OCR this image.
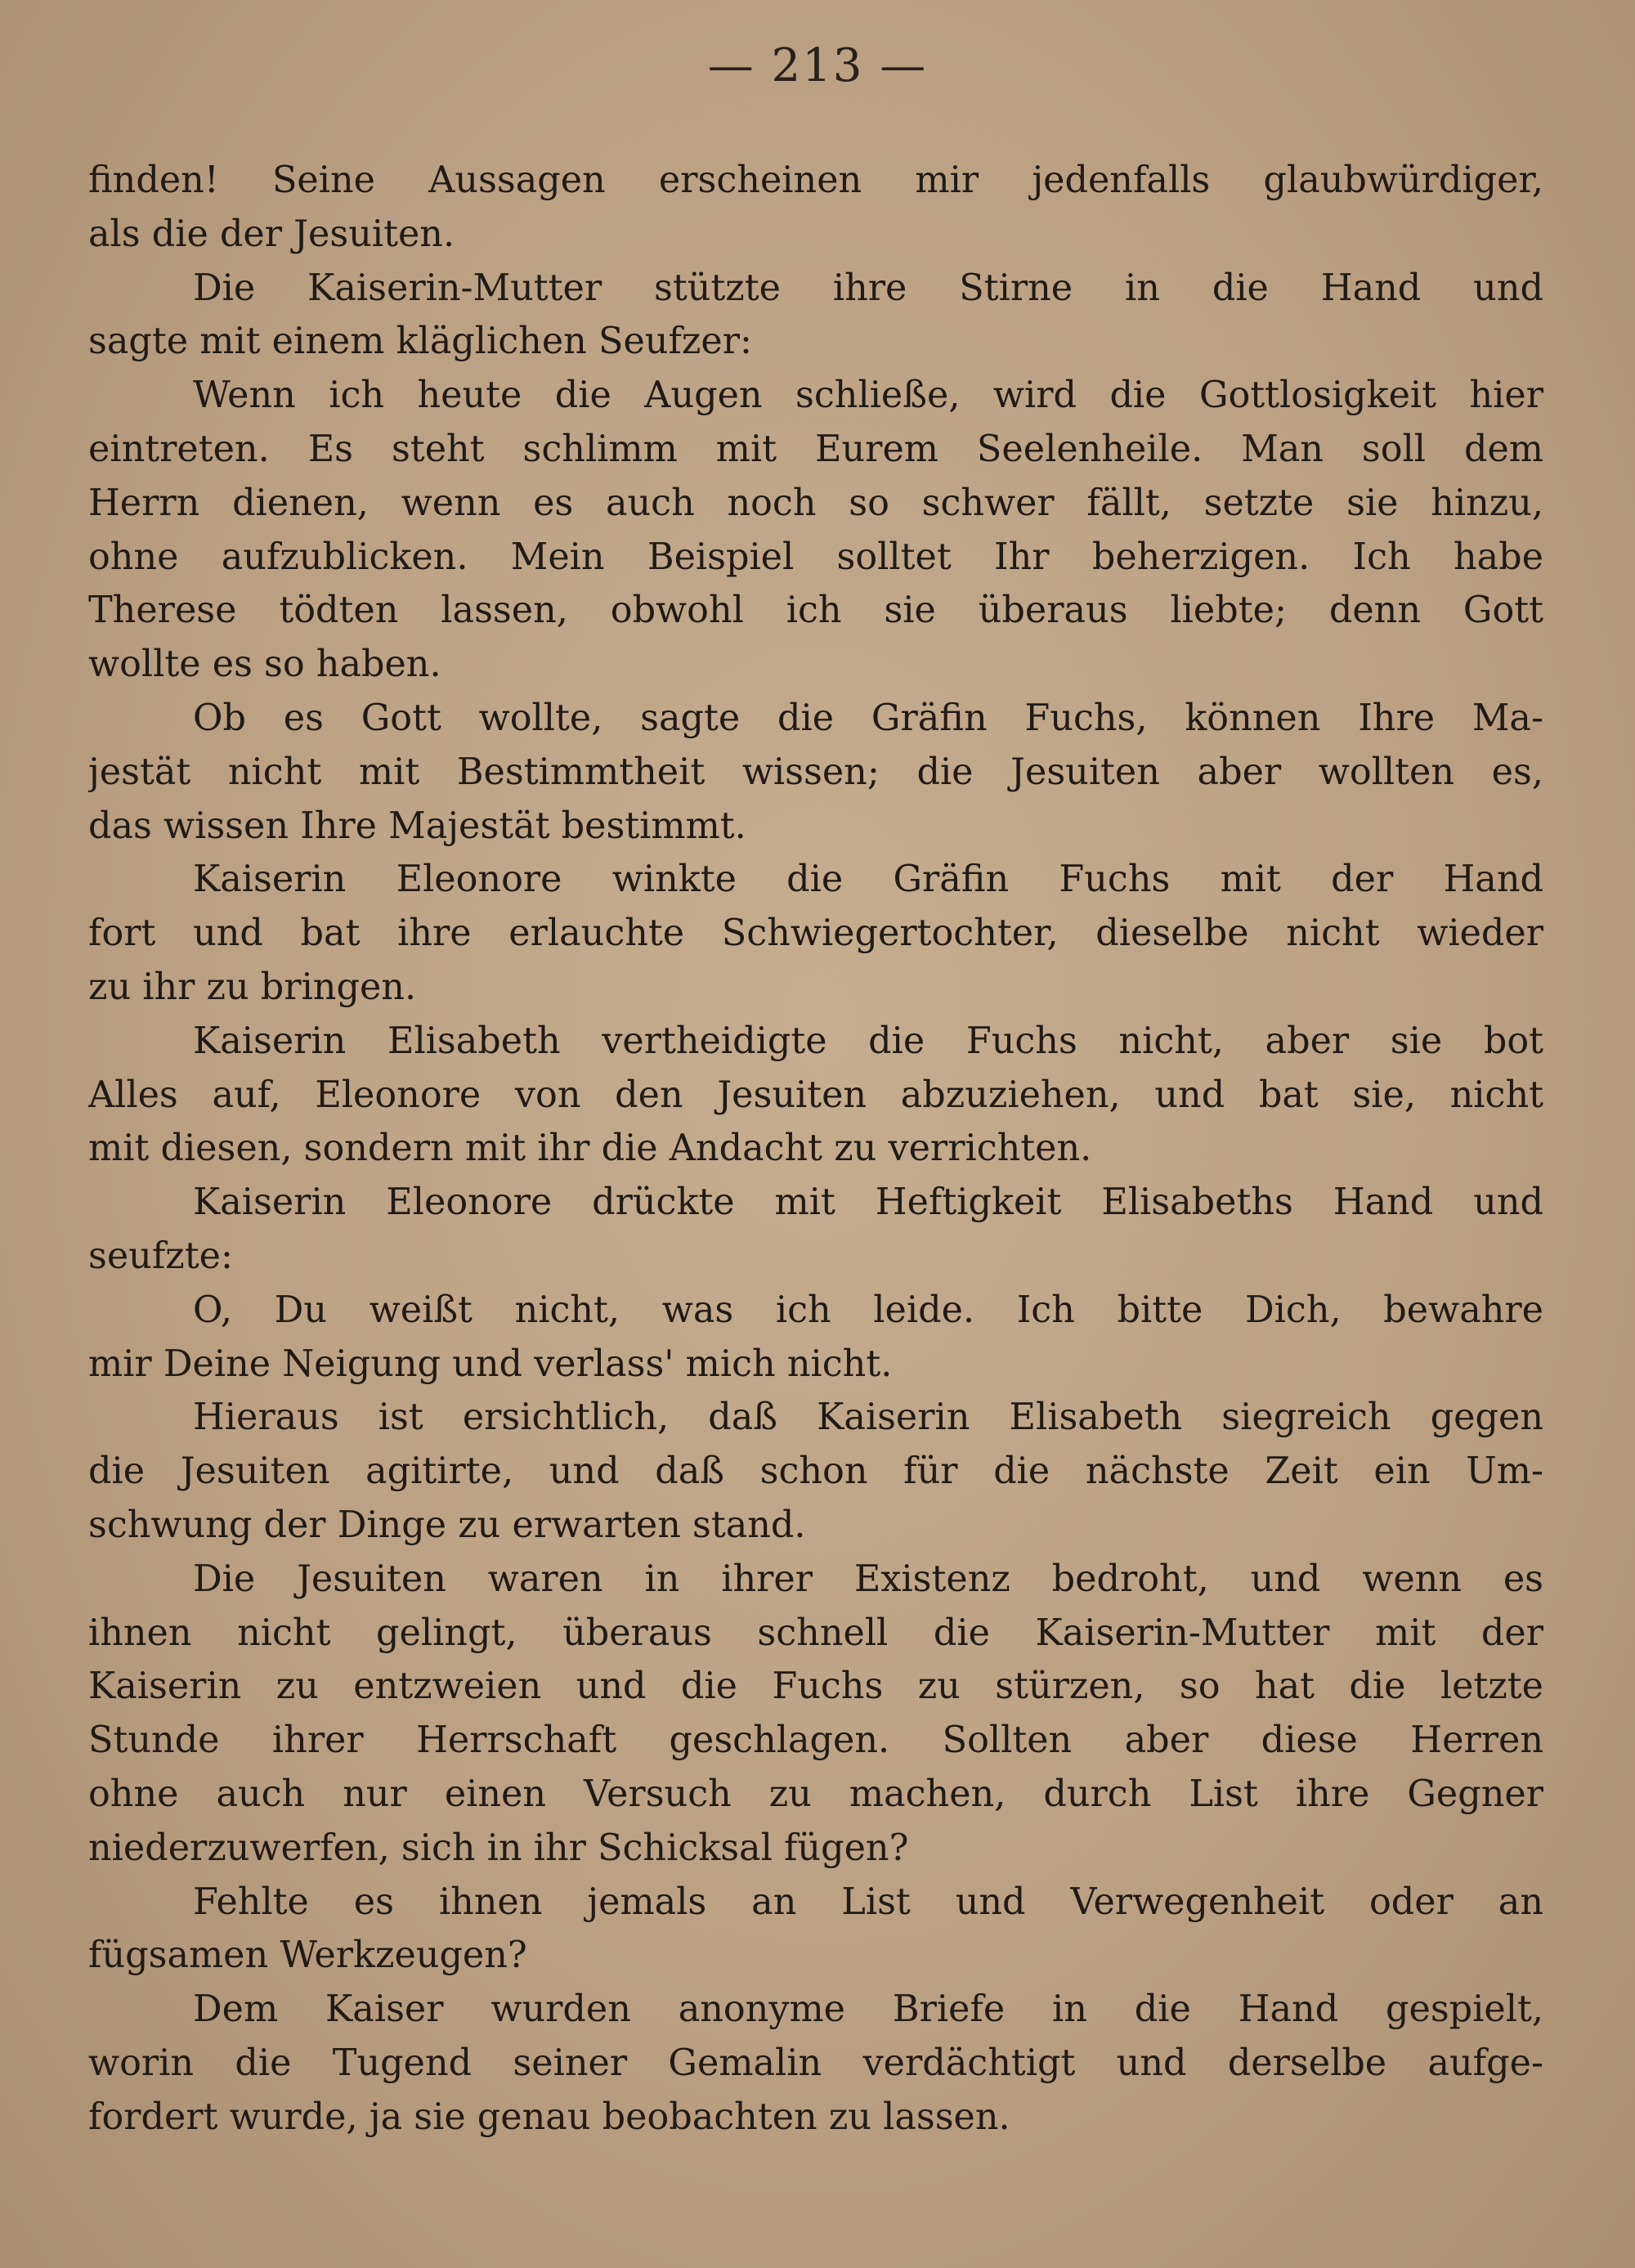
— 213 —
finden! Seine Aussagen erscheinen mir jedenfalls glaubwürdiger,
als die der Jesuiten.
Die Kaiserin-Mutter stützte ihre Stirne in die Hand und
sagte mit einem kläglichen Seufzer:
Wenn ich heute die Augen schließe, wird die Gottlosigkeit hier
eintreten. Es steht schlimm mit Eurem Seelenheile. Man soll dem
Herrn dienen, wenn es auch noch so schwer fällt, setzte sie hinzu,
ohne aufzublicken. Mein Beispiel solltet Ihr beherzigen. Ich habe
Therese tödten lassen, obwohl ich sie überaus liebte; denn Gott
wollte es so haben.
Ob es Gott wollte, sagte die Gräfin Fuchs, können Ihre Ma-
jestät nicht mit Bestimmtheit wissen; die Jesuiten aber wollten es,
das wissen Ihre Majestät bestimmt.
Kaiserin Eleonore winkte die Gräfin Fuchs mit der Hand
fort und bat ihre erlauchte Schwiegertochter, dieselbe nicht wieder
zu ihr zu bringen.
Kaiserin Elisabeth vertheidigte die Fuchs nicht, aber sie bot
Alles auf, Eleonore von den Jesuiten abzuziehen, und bat sie, nicht
mit diesen, sondern mit ihr die Andacht zu verrichten.
Kaiserin Eleonore drückte mit Heftigkeit Elisabeths Hand und
seufzte:
O, Du weißt nicht, was ich leide. Ich bitte Dich, bewahre
mir Deine Neigung und verlass' mich nicht.
Hieraus ist ersichtlich, daß Kaiserin Elisabeth siegreich gegen
die Jesuiten agitirte, und daß schon für die nächste Zeit ein Um-
schwung der Dinge zu erwarten stand.
Die Jesuiten waren in ihrer Existenz bedroht, und wenn es
ihnen nicht gelingt, überaus schnell die Kaiserin-Mutter mit der
Kaiserin zu entzweien und die Fuchs zu stürzen, so hat die letzte
Stunde ihrer Herrschaft geschlagen. Sollten aber diese Herren
ohne auch nur einen Versuch zu machen, durch List ihre Gegner
niederzuwerfen, sich in ihr Schicksal fügen?
Fehlte es ihnen jemals an List und Verwegenheit oder an
fügsamen Werkzeugen?
Dem Kaiser wurden anonyme Briefe in die Hand gespielt,
worin die Tugend seiner Gemalin verdächtigt und derselbe aufge-
fordert wurde, ja sie genau beobachten zu lassen.
